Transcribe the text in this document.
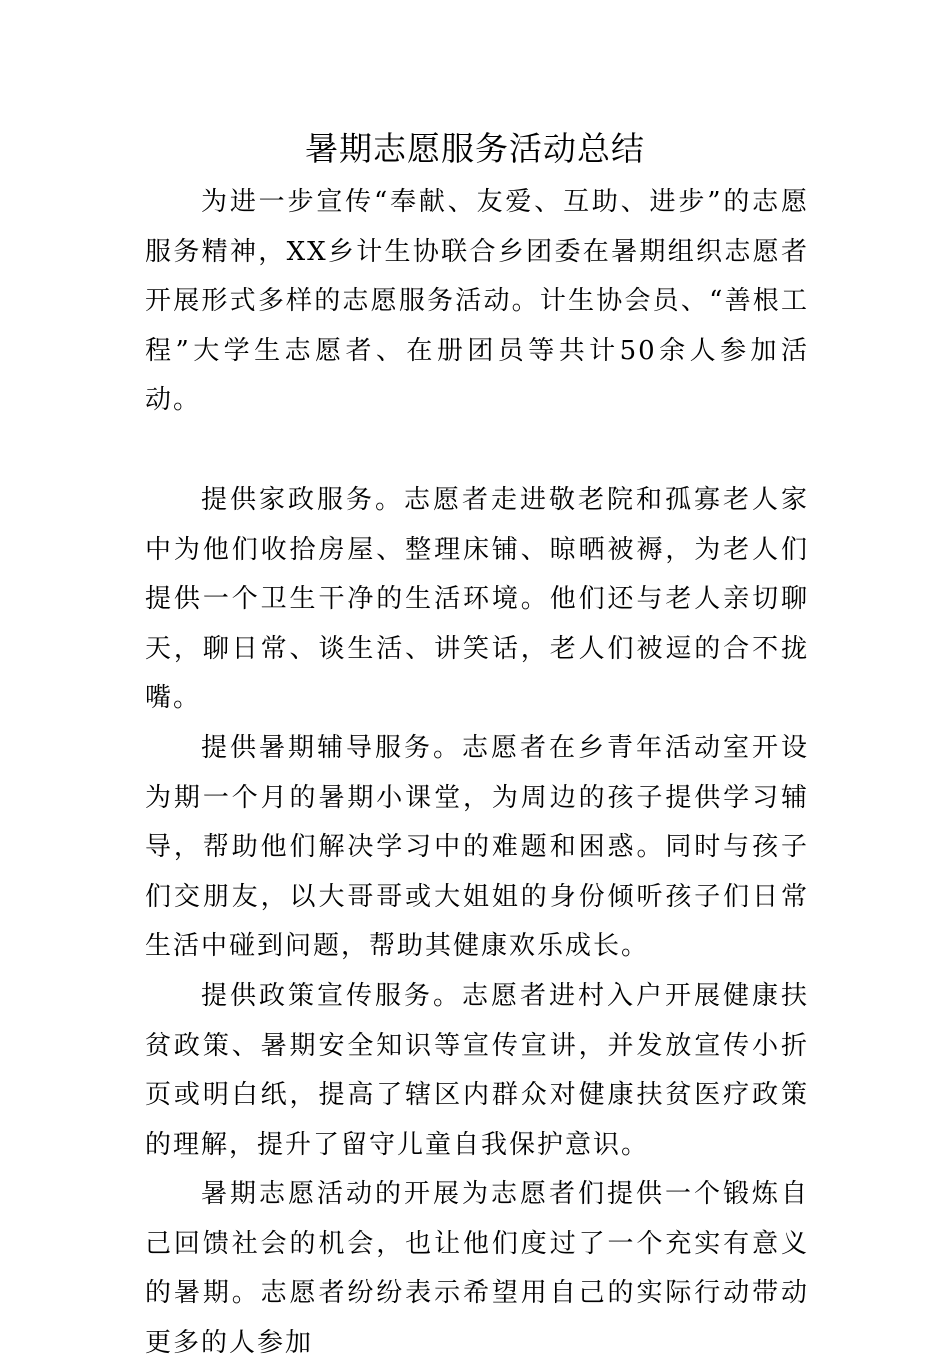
暑期志愿服务活动总结

为进一步宣传“奉献、友爱、互助、进步”的志愿服务精神，XX乡计生协联合乡团委在暑期组织志愿者开展形式多样的志愿服务活动。计生协会员、“善根工程”大学生志愿者、在册团员等共计50余人参加活动。

提供家政服务。志愿者走进敬老院和孤寡老人家中为他们收拾房屋、整理床铺、晾晒被褥，为老人们提供一个卫生干净的生活环境。他们还与老人亲切聊天，聊日常、谈生活、讲笑话，老人们被逗的合不拢嘴。

提供暑期辅导服务。志愿者在乡青年活动室开设为期一个月的暑期小课堂，为周边的孩子提供学习辅导，帮助他们解决学习中的难题和困惑。同时与孩子们交朋友，以大哥哥或大姐姐的身份倾听孩子们日常生活中碰到问题，帮助其健康欢乐成长。

提供政策宣传服务。志愿者进村入户开展健康扶贫政策、暑期安全知识等宣传宣讲，并发放宣传小折页或明白纸，提高了辖区内群众对健康扶贫医疗政策的理解，提升了留守儿童自我保护意识。

暑期志愿活动的开展为志愿者们提供一个锻炼自己回馈社会的机会，也让他们度过了一个充实有意义的暑期。志愿者纷纷表示希望用自己的实际行动带动更多的人参加
